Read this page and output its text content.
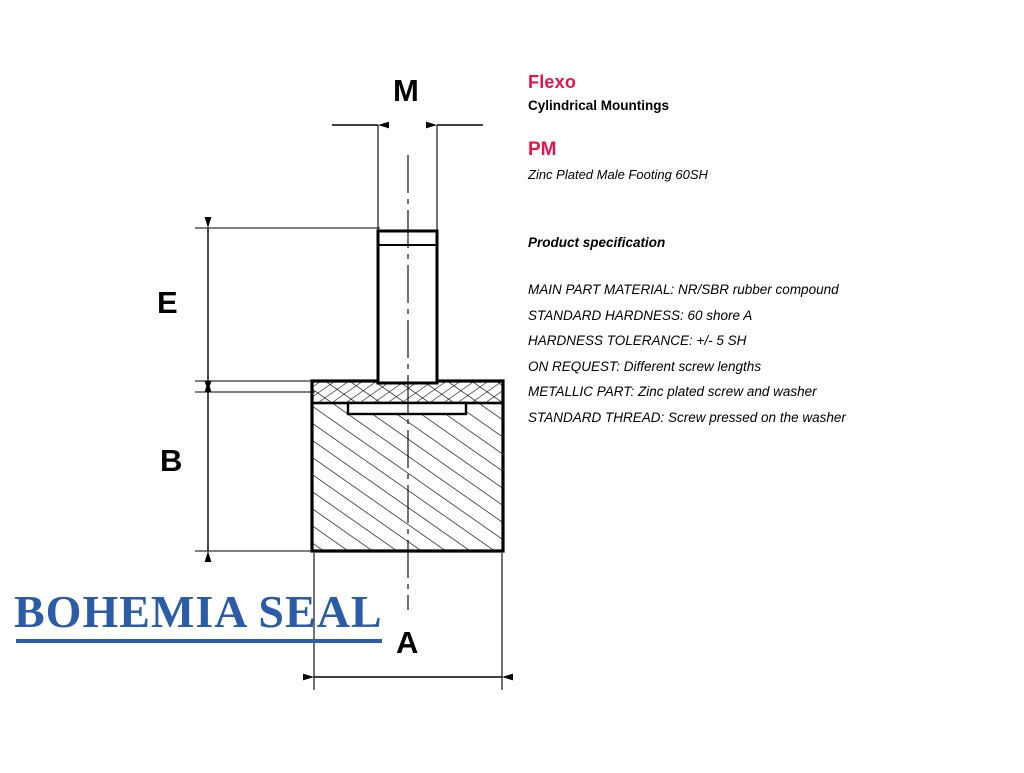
M
E
B
A

Flexo

Cylindrical Mountings

PM

Zinc Plated Male Footing 60SH

Product specification

MAIN PART MATERIAL: NR/SBR rubber compound
STANDARD HARDNESS: 60 shore A
HARDNESS TOLERANCE: +/- 5 SH
ON REQUEST: Different screw lengths
METALLIC PART: Zinc plated screw and washer
STANDARD THREAD: Screw pressed on the washer
BOHEMIA SEAL
